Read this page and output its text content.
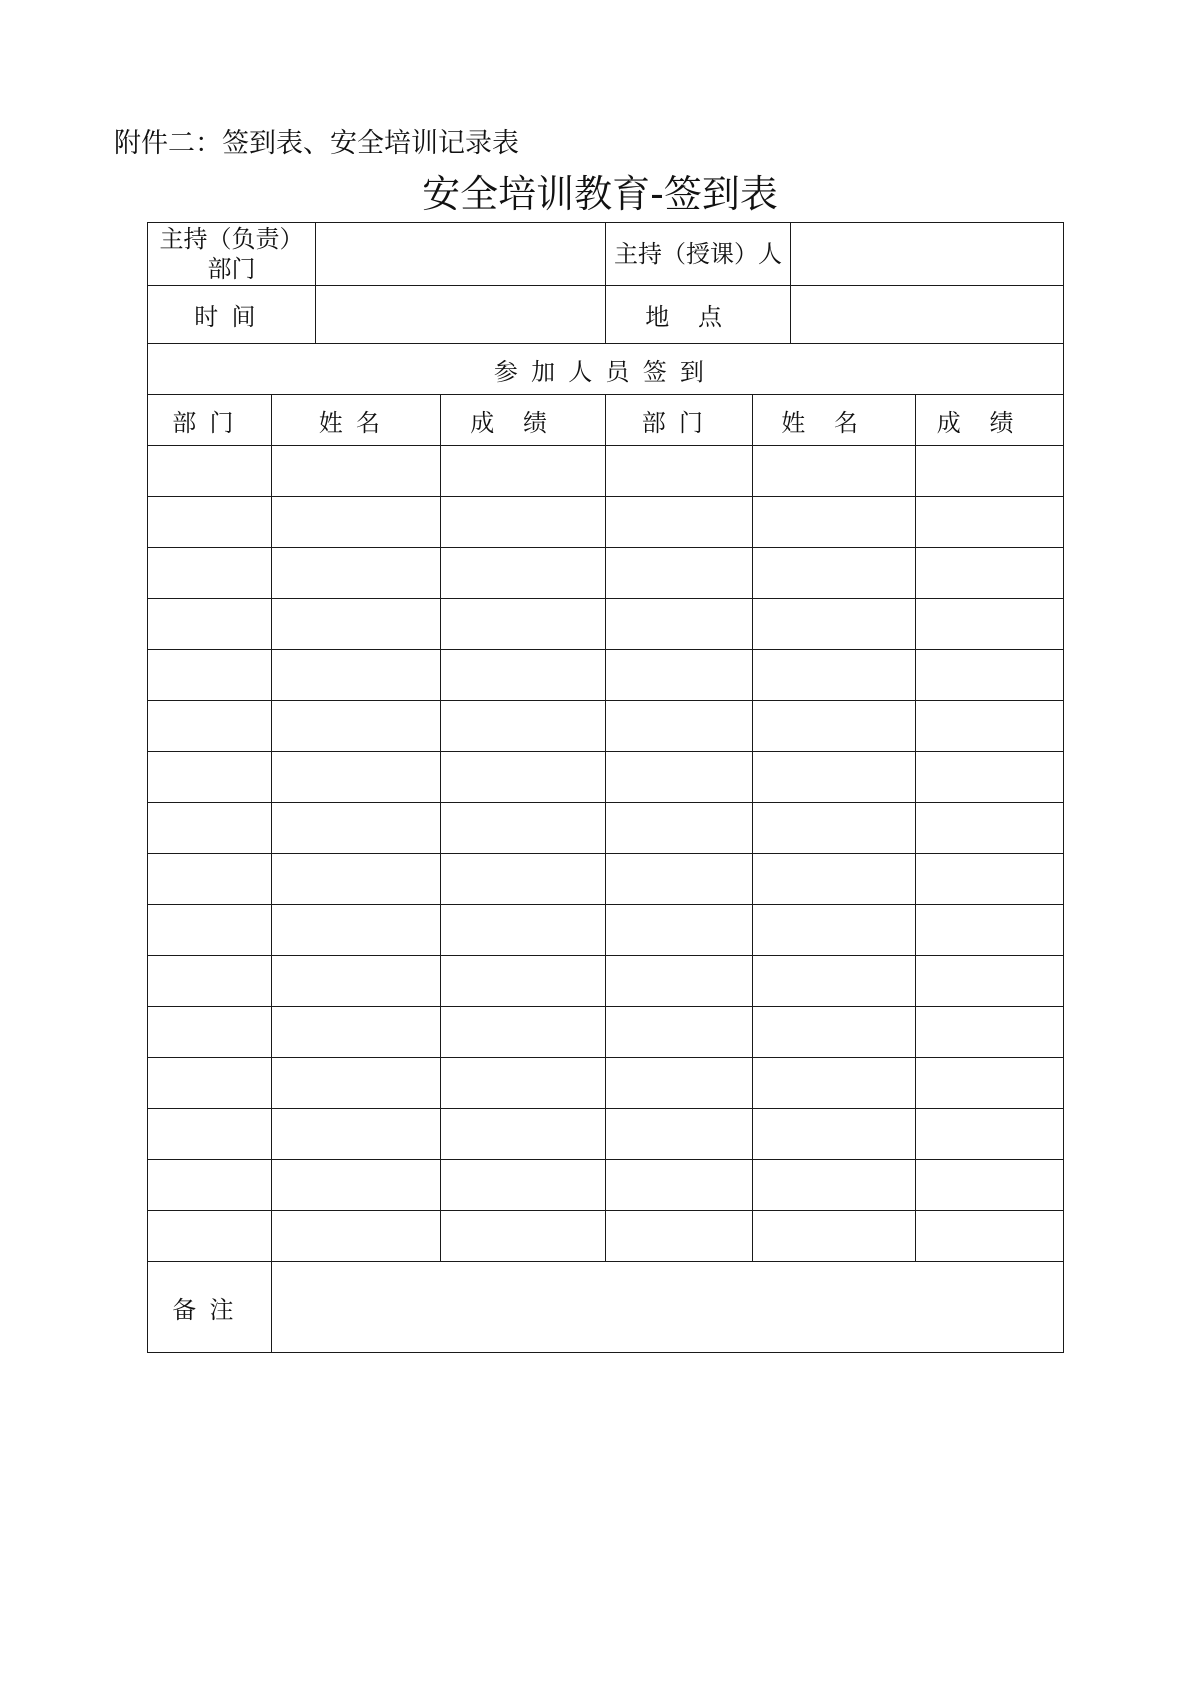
附件二：签到表、安全培训记录表
安全培训教育-签到表
主持（负责）部门				主持（授课）人			
时间				地点			
参加人员签到							
部门	姓名		成绩	部门	姓名		成绩

备注							
